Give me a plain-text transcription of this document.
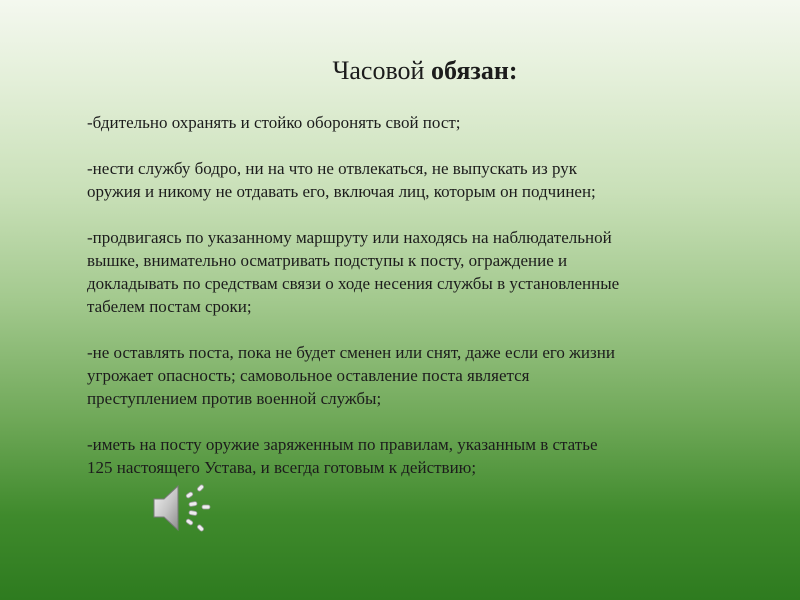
Часовой обязан:
-бдительно охранять и стойко оборонять свой пост;
-нести службу бодро, ни на что не отвлекаться, не выпускать из рук
оружия и никому не отдавать его, включая лиц, которым он подчинен;
-продвигаясь по указанному маршруту или находясь на наблюдательной
вышке, внимательно осматривать подступы к посту, ограждение и
докладывать по средствам связи о ходе несения службы в установленные
табелем постам сроки;
-не оставлять поста, пока не будет сменен или снят, даже если его жизни
угрожает опасность; самовольное оставление поста является
преступлением против военной службы;
-иметь на посту оружие заряженным по правилам, указанным в статье
125 настоящего Устава, и всегда готовым к действию;
